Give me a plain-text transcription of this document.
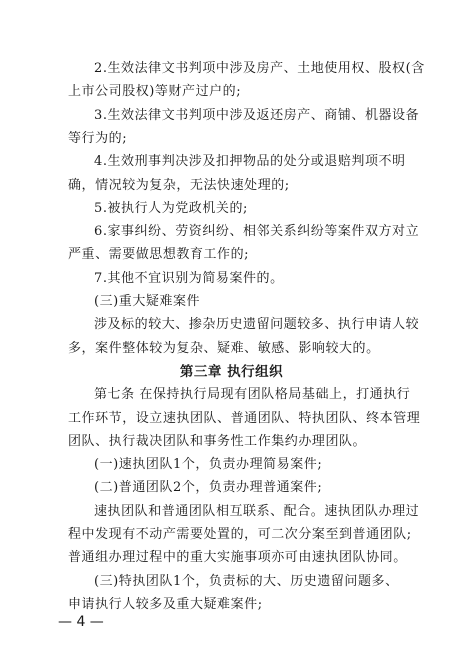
2.生效法律文书判项中涉及房产、土地使用权、股权(含
上市公司股权)等财产过户的;
3.生效法律文书判项中涉及返还房产、商铺、机器设备
等行为的;
4.生效刑事判决涉及扣押物品的处分或退赔判项不明
确，情况较为复杂，无法快速处理的;
5.被执行人为党政机关的;
6.家事纠纷、劳资纠纷、相邻关系纠纷等案件双方对立
严重、需要做思想教育工作的;
7.其他不宜识别为简易案件的。
(三)重大疑难案件
涉及标的较大、掺杂历史遗留问题较多、执行申请人较
多，案件整体较为复杂、疑难、敏感、影响较大的。
第三章 执行组织
第七条 在保持执行局现有团队格局基础上，打通执行
工作环节，设立速执团队、普通团队、特执团队、终本管理
团队、执行裁决团队和事务性工作集约办理团队。
(一)速执团队1个，负责办理简易案件;
(二)普通团队2个，负责办理普通案件;
速执团队和普通团队相互联系、配合。速执团队办理过
程中发现有不动产需要处置的，可二次分案至到普通团队;
普通组办理过程中的重大实施事项亦可由速执团队协同。
(三)特执团队1个，负责标的大、历史遗留问题多、
申请执行人较多及重大疑难案件;
— 4 —
